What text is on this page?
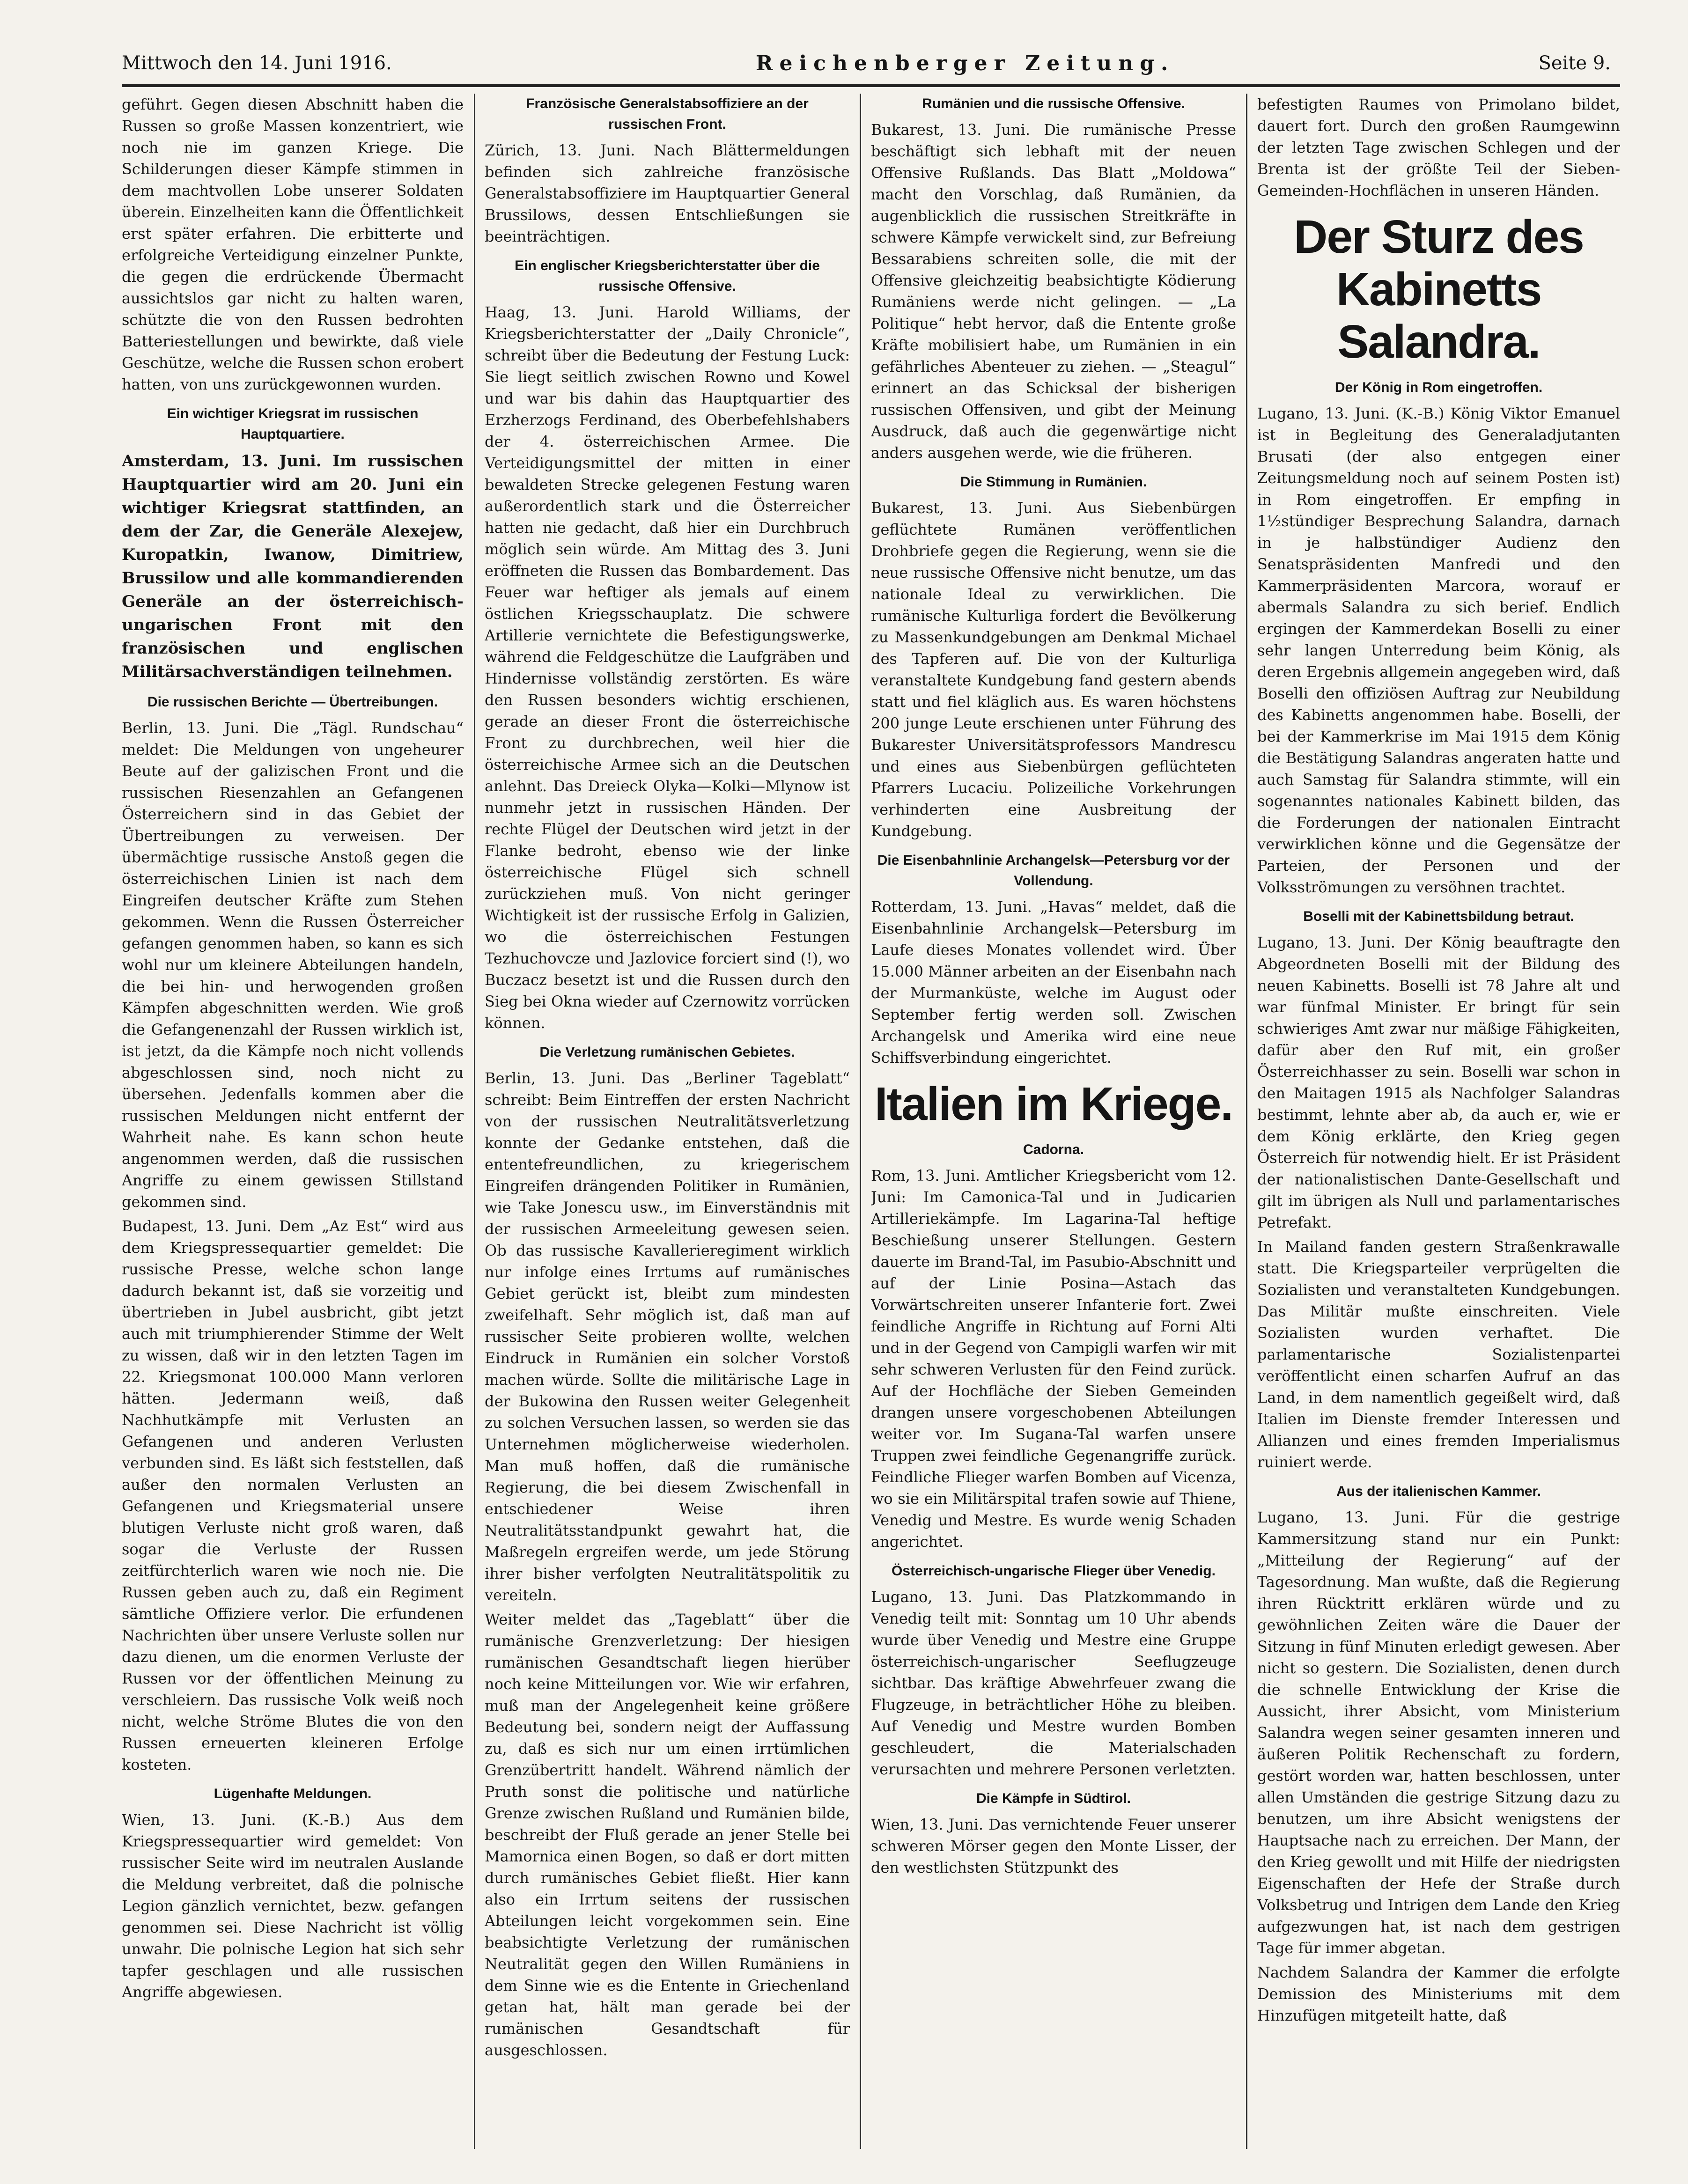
Mittwoch den 14. Juni 1916.	Reichenberger Zeitung.	Seite 9.

geführt. Gegen diesen Abschnitt haben die Russen so große Massen konzentriert, wie noch nie im ganzen Kriege. Die Schilderungen dieser Kämpfe stimmen in dem machtvollen Lobe unserer Soldaten überein. Einzelheiten kann die Öffentlichkeit erst später erfahren. Die erbitterte und erfolgreiche Verteidigung einzelner Punkte, die gegen die erdrückende Übermacht aussichtslos gar nicht zu halten waren, schützte die von den Russen bedrohten Batteriestellungen und bewirkte, daß viele Geschütze, welche die Russen schon erobert hatten, von uns zurückgewonnen wurden.

Ein wichtiger Kriegsrat im russischen Hauptquartiere.

Amsterdam, 13. Juni. Im russischen Hauptquartier wird am 20. Juni ein wichtiger Kriegsrat stattfinden, an dem der Zar, die Generäle Alexejew, Kuropatkin, Iwanow, Dimitriew, Brussilow und alle kommandierenden Generäle an der österreichisch-ungarischen Front mit den französischen und englischen Militärsachverständigen teilnehmen.

Die russischen Berichte — Übertreibungen.

Berlin, 13. Juni. Die „Tägl. Rundschau“ meldet: Die Meldungen von ungeheurer Beute auf der galizischen Front und die russischen Riesenzahlen an Gefangenen Österreichern sind in das Gebiet der Übertreibungen zu verweisen. Der übermächtige russische Anstoß gegen die österreichischen Linien ist nach dem Eingreifen deutscher Kräfte zum Stehen gekommen. Wenn die Russen Österreicher gefangen genommen haben, so kann es sich wohl nur um kleinere Abteilungen handeln, die bei hin- und herwogenden großen Kämpfen abgeschnitten werden. Wie groß die Gefangenenzahl der Russen wirklich ist, ist jetzt, da die Kämpfe noch nicht vollends abgeschlossen sind, noch nicht zu übersehen. Jedenfalls kommen aber die russischen Meldungen nicht entfernt der Wahrheit nahe. Es kann schon heute angenommen werden, daß die russischen Angriffe zu einem gewissen Stillstand gekommen sind.

Budapest, 13. Juni. Dem „Az Est“ wird aus dem Kriegspressequartier gemeldet: Die russische Presse, welche schon lange dadurch bekannt ist, daß sie vorzeitig und übertrieben in Jubel ausbricht, gibt jetzt auch mit triumphierender Stimme der Welt zu wissen, daß wir in den letzten Tagen im 22. Kriegsmonat 100.000 Mann verloren hätten. Jedermann weiß, daß Nachhutkämpfe mit Verlusten an Gefangenen und anderen Verlusten verbunden sind. Es läßt sich feststellen, daß außer den normalen Verlusten an Gefangenen und Kriegsmaterial unsere blutigen Verluste nicht groß waren, daß sogar die Verluste der Russen zeitfürchterlich waren wie noch nie. Die Russen geben auch zu, daß ein Regiment sämtliche Offiziere verlor. Die erfundenen Nachrichten über unsere Verluste sollen nur dazu dienen, um die enormen Verluste der Russen vor der öffentlichen Meinung zu verschleiern. Das russische Volk weiß noch nicht, welche Ströme Blutes die von den Russen erneuerten kleineren Erfolge kosteten.

Lügenhafte Meldungen.

Wien, 13. Juni. (K.-B.) Aus dem Kriegspressequartier wird gemeldet: Von russischer Seite wird im neutralen Auslande die Meldung verbreitet, daß die polnische Legion gänzlich vernichtet, bezw. gefangen genommen sei. Diese Nachricht ist völlig unwahr. Die polnische Legion hat sich sehr tapfer geschlagen und alle russischen Angriffe abgewiesen.

Französische Generalstabsoffiziere an der russischen Front.

Zürich, 13. Juni. Nach Blättermeldungen befinden sich zahlreiche französische Generalstabsoffiziere im Hauptquartier General Brussilows, dessen Entschließungen sie beeinträchtigen.

Ein englischer Kriegsberichterstatter über die russische Offensive.

Haag, 13. Juni. Harold Williams, der Kriegsberichterstatter der „Daily Chronicle“, schreibt über die Bedeutung der Festung Luck: Sie liegt seitlich zwischen Rowno und Kowel und war bis dahin das Hauptquartier des Erzherzogs Ferdinand, des Oberbefehlshabers der 4. österreichischen Armee. Die Verteidigungsmittel der mitten in einer bewaldeten Strecke gelegenen Festung waren außerordentlich stark und die Österreicher hatten nie gedacht, daß hier ein Durchbruch möglich sein würde. Am Mittag des 3. Juni eröffneten die Russen das Bombardement. Das Feuer war heftiger als jemals auf einem östlichen Kriegsschauplatz. Die schwere Artillerie vernichtete die Befestigungswerke, während die Feldgeschütze die Laufgräben und Hindernisse vollständig zerstörten. Es wäre den Russen besonders wichtig erschienen, gerade an dieser Front die österreichische Front zu durchbrechen, weil hier die österreichische Armee sich an die Deutschen anlehnt. Das Dreieck Olyka—Kolki—Mlynow ist nunmehr jetzt in russischen Händen. Der rechte Flügel der Deutschen wird jetzt in der Flanke bedroht, ebenso wie der linke österreichische Flügel sich schnell zurückziehen muß. Von nicht geringer Wichtigkeit ist der russische Erfolg in Galizien, wo die österreichischen Festungen Tezhuchovcze und Jazlovice forciert sind (!), wo Buczacz besetzt ist und die Russen durch den Sieg bei Okna wieder auf Czernowitz vorrücken können.

Die Verletzung rumänischen Gebietes.

Berlin, 13. Juni. Das „Berliner Tageblatt“ schreibt: Beim Eintreffen der ersten Nachricht von der russischen Neutralitätsverletzung konnte der Gedanke entstehen, daß die ententefreundlichen, zu kriegerischem Eingreifen drängenden Politiker in Rumänien, wie Take Jonescu usw., im Einverständnis mit der russischen Armeeleitung gewesen seien. Ob das russische Kavallerieregiment wirklich nur infolge eines Irrtums auf rumänisches Gebiet gerückt ist, bleibt zum mindesten zweifelhaft. Sehr möglich ist, daß man auf russischer Seite probieren wollte, welchen Eindruck in Rumänien ein solcher Vorstoß machen würde. Sollte die militärische Lage in der Bukowina den Russen weiter Gelegenheit zu solchen Versuchen lassen, so werden sie das Unternehmen möglicherweise wiederholen. Man muß hoffen, daß die rumänische Regierung, die bei diesem Zwischenfall in entschiedener Weise ihren Neutralitätsstandpunkt gewahrt hat, die Maßregeln ergreifen werde, um jede Störung ihrer bisher verfolgten Neutralitätspolitik zu vereiteln.

Weiter meldet das „Tageblatt“ über die rumänische Grenzverletzung: Der hiesigen rumänischen Gesandtschaft liegen hierüber noch keine Mitteilungen vor. Wie wir erfahren, muß man der Angelegenheit keine größere Bedeutung bei, sondern neigt der Auffassung zu, daß es sich nur um einen irrtümlichen Grenzübertritt handelt. Während nämlich der Pruth sonst die politische und natürliche Grenze zwischen Rußland und Rumänien bilde, beschreibt der Fluß gerade an jener Stelle bei Mamornica einen Bogen, so daß er dort mitten durch rumänisches Gebiet fließt. Hier kann also ein Irrtum seitens der russischen Abteilungen leicht vorgekommen sein. Eine beabsichtigte Verletzung der rumänischen Neutralität gegen den Willen Rumäniens in dem Sinne wie es die Entente in Griechenland getan hat, hält man gerade bei der rumänischen Gesandtschaft für ausgeschlossen.

Rumänien und die russische Offensive.

Bukarest, 13. Juni. Die rumänische Presse beschäftigt sich lebhaft mit der neuen Offensive Rußlands. Das Blatt „Moldowa“ macht den Vorschlag, daß Rumänien, da augenblicklich die russischen Streitkräfte in schwere Kämpfe verwickelt sind, zur Befreiung Bessarabiens schreiten solle, die mit der Offensive gleichzeitig beabsichtigte Ködierung Rumäniens werde nicht gelingen. — „La Politique“ hebt hervor, daß die Entente große Kräfte mobilisiert habe, um Rumänien in ein gefährliches Abenteuer zu ziehen. — „Steagul“ erinnert an das Schicksal der bisherigen russischen Offensiven, und gibt der Meinung Ausdruck, daß auch die gegenwärtige nicht anders ausgehen werde, wie die früheren.

Die Stimmung in Rumänien.

Bukarest, 13. Juni. Aus Siebenbürgen geflüchtete Rumänen veröffentlichen Drohbriefe gegen die Regierung, wenn sie die neue russische Offensive nicht benutze, um das nationale Ideal zu verwirklichen. Die rumänische Kulturliga fordert die Bevölkerung zu Massenkundgebungen am Denkmal Michael des Tapferen auf. Die von der Kulturliga veranstaltete Kundgebung fand gestern abends statt und fiel kläglich aus. Es waren höchstens 200 junge Leute erschienen unter Führung des Bukarester Universitätsprofessors Mandrescu und eines aus Siebenbürgen geflüchteten Pfarrers Lucaciu. Polizeiliche Vorkehrungen verhinderten eine Ausbreitung der Kundgebung.

Die Eisenbahnlinie Archangelsk—Petersburg vor der Vollendung.

Rotterdam, 13. Juni. „Havas“ meldet, daß die Eisenbahnlinie Archangelsk—Petersburg im Laufe dieses Monates vollendet wird. Über 15.000 Männer arbeiten an der Eisenbahn nach der Murmanküste, welche im August oder September fertig werden soll. Zwischen Archangelsk und Amerika wird eine neue Schiffsverbindung eingerichtet.

Italien im Kriege.
Cadorna.

Rom, 13. Juni. Amtlicher Kriegsbericht vom 12. Juni: Im Camonica-Tal und in Judicarien Artilleriekämpfe. Im Lagarina-Tal heftige Beschießung unserer Stellungen. Gestern dauerte im Brand-Tal, im Pasubio-Abschnitt und auf der Linie Posina—Astach das Vorwärtschreiten unserer Infanterie fort. Zwei feindliche Angriffe in Richtung auf Forni Alti und in der Gegend von Campigli warfen wir mit sehr schweren Verlusten für den Feind zurück. Auf der Hochfläche der Sieben Gemeinden drangen unsere vorgeschobenen Abteilungen weiter vor. Im Sugana-Tal warfen unsere Truppen zwei feindliche Gegenangriffe zurück. Feindliche Flieger warfen Bomben auf Vicenza, wo sie ein Militärspital trafen sowie auf Thiene, Venedig und Mestre. Es wurde wenig Schaden angerichtet.

Österreichisch-ungarische Flieger über Venedig.

Lugano, 13. Juni. Das Platzkommando in Venedig teilt mit: Sonntag um 10 Uhr abends wurde über Venedig und Mestre eine Gruppe österreichisch-ungarischer Seeflugzeuge sichtbar. Das kräftige Abwehrfeuer zwang die Flugzeuge, in beträchtlicher Höhe zu bleiben. Auf Venedig und Mestre wurden Bomben geschleudert, die Materialschaden verursachten und mehrere Personen verletzten.

Die Kämpfe in Südtirol.

Wien, 13. Juni. Das vernichtende Feuer unserer schweren Mörser gegen den Monte Lisser, der den westlichsten Stützpunkt des

befestigten Raumes von Primolano bildet, dauert fort. Durch den großen Raumgewinn der letzten Tage zwischen Schlegen und der Brenta ist der größte Teil der Sieben-Gemeinden-Hochflächen in unseren Händen.

Der Sturz des Kabinetts Salandra.
Der König in Rom eingetroffen.

Lugano, 13. Juni. (K.-B.) König Viktor Emanuel ist in Begleitung des Generaladjutanten Brusati (der also entgegen einer Zeitungsmeldung noch auf seinem Posten ist) in Rom eingetroffen. Er empfing in 1½stündiger Besprechung Salandra, darnach in je halbstündiger Audienz den Senatspräsidenten Manfredi und den Kammerpräsidenten Marcora, worauf er abermals Salandra zu sich berief. Endlich ergingen der Kammerdekan Boselli zu einer sehr langen Unterredung beim König, als deren Ergebnis allgemein angegeben wird, daß Boselli den offiziösen Auftrag zur Neubildung des Kabinetts angenommen habe. Boselli, der bei der Kammerkrise im Mai 1915 dem König die Bestätigung Salandras angeraten hatte und auch Samstag für Salandra stimmte, will ein sogenanntes nationales Kabinett bilden, das die Forderungen der nationalen Eintracht verwirklichen könne und die Gegensätze der Parteien, der Personen und der Volksströmungen zu versöhnen trachtet.

Boselli mit der Kabinettsbildung betraut.

Lugano, 13. Juni. Der König beauftragte den Abgeordneten Boselli mit der Bildung des neuen Kabinetts. Boselli ist 78 Jahre alt und war fünfmal Minister. Er bringt für sein schwieriges Amt zwar nur mäßige Fähigkeiten, dafür aber den Ruf mit, ein großer Österreichhasser zu sein. Boselli war schon in den Maitagen 1915 als Nachfolger Salandras bestimmt, lehnte aber ab, da auch er, wie er dem König erklärte, den Krieg gegen Österreich für notwendig hielt. Er ist Präsident der nationalistischen Dante-Gesellschaft und gilt im übrigen als Null und parlamentarisches Petrefakt.

In Mailand fanden gestern Straßenkrawalle statt. Die Kriegsparteiler verprügelten die Sozialisten und veranstalteten Kundgebungen. Das Militär mußte einschreiten. Viele Sozialisten wurden verhaftet. Die parlamentarische Sozialistenpartei veröffentlicht einen scharfen Aufruf an das Land, in dem namentlich gegeißelt wird, daß Italien im Dienste fremder Interessen und Allianzen und eines fremden Imperialismus ruiniert werde.

Aus der italienischen Kammer.

Lugano, 13. Juni. Für die gestrige Kammersitzung stand nur ein Punkt: „Mitteilung der Regierung“ auf der Tagesordnung. Man wußte, daß die Regierung ihren Rücktritt erklären würde und zu gewöhnlichen Zeiten wäre die Dauer der Sitzung in fünf Minuten erledigt gewesen. Aber nicht so gestern. Die Sozialisten, denen durch die schnelle Entwicklung der Krise die Aussicht, ihrer Absicht, vom Ministerium Salandra wegen seiner gesamten inneren und äußeren Politik Rechenschaft zu fordern, gestört worden war, hatten beschlossen, unter allen Umständen die gestrige Sitzung dazu zu benutzen, um ihre Absicht wenigstens der Hauptsache nach zu erreichen. Der Mann, der den Krieg gewollt und mit Hilfe der niedrigsten Eigenschaften der Hefe der Straße durch Volksbetrug und Intrigen dem Lande den Krieg aufgezwungen hat, ist nach dem gestrigen Tage für immer abgetan.

Nachdem Salandra der Kammer die erfolgte Demission des Ministeriums mit dem Hinzufügen mitgeteilt hatte, daß
